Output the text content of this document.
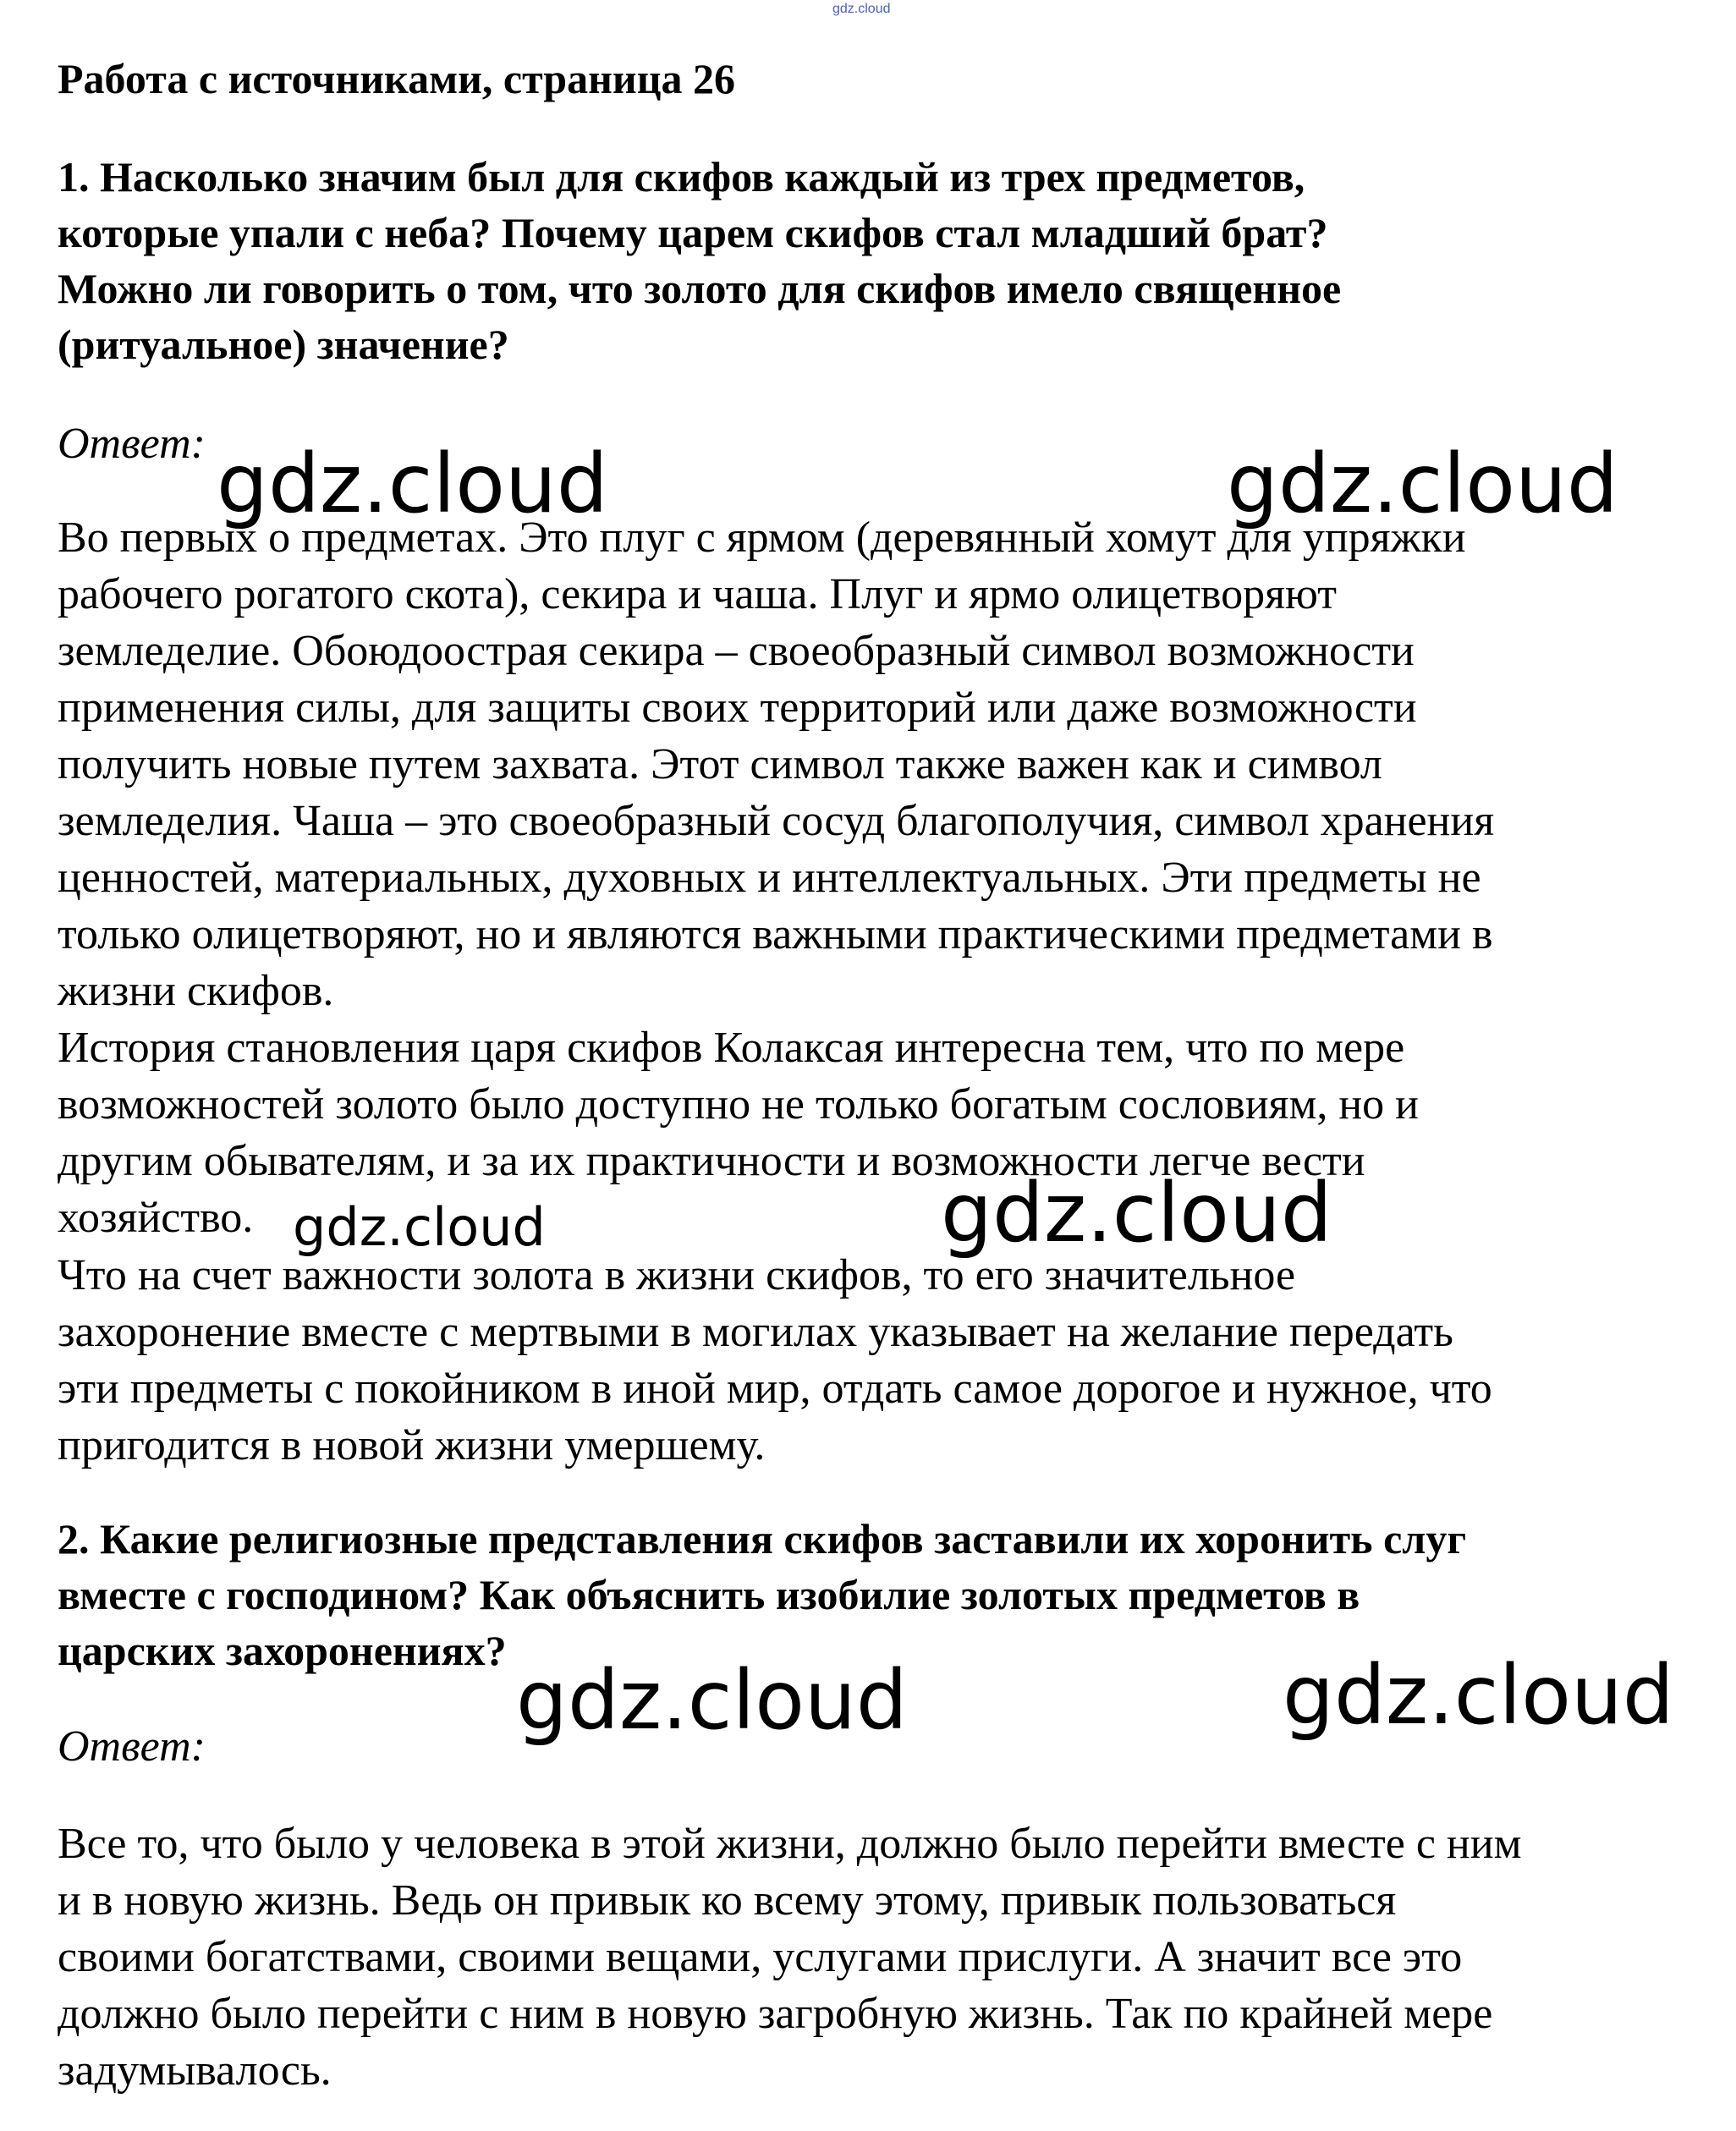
gdz.cloud

Работа с источниками, страница 26

1. Насколько значим был для скифов каждый из трех предметов,
которые упали с неба? Почему царем скифов стал младший брат?
Можно ли говорить о том, что золото для скифов имело священное
(ритуальное) значение?

Ответ:

Во первых о предметах. Это плуг с ярмом (деревянный хомут для упряжки
рабочего рогатого скота), секира и чаша. Плуг и ярмо олицетворяют
земледелие. Обоюдоострая секира – своеобразный символ возможности
применения силы, для защиты своих территорий или даже возможности
получить новые путем захвата. Этот символ также важен как и символ
земледелия. Чаша – это своеобразный сосуд благополучия, символ хранения
ценностей, материальных, духовных и интеллектуальных. Эти предметы не
только олицетворяют, но и являются важными практическими предметами в
жизни скифов.
История становления царя скифов Колаксая интересна тем, что по мере
возможностей золото было доступно не только богатым сословиям, но и
другим обывателям, и за их практичности и возможности легче вести
хозяйство.

Что на счет важности золота в жизни скифов, то его значительное
захоронение вместе с мертвыми в могилах указывает на желание передать
эти предметы с покойником в иной мир, отдать самое дорогое и нужное, что
пригодится в новой жизни умершему.

2. Какие религиозные представления скифов заставили их хоронить слуг
вместе с господином? Как объяснить изобилие золотых предметов в
царских захоронениях?

Ответ:

Все то, что было у человека в этой жизни, должно было перейти вместе с ним
и в новую жизнь. Ведь он привык ко всему этому, привык пользоваться
своими богатствами, своими вещами, услугами прислуги. А значит все это
должно было перейти с ним в новую загробную жизнь. Так по крайней мере
задумывалось.

gdz.cloud	gdz.cloud
gdz.cloud	gdz.cloud
gdz.cloud	gdz.cloud
